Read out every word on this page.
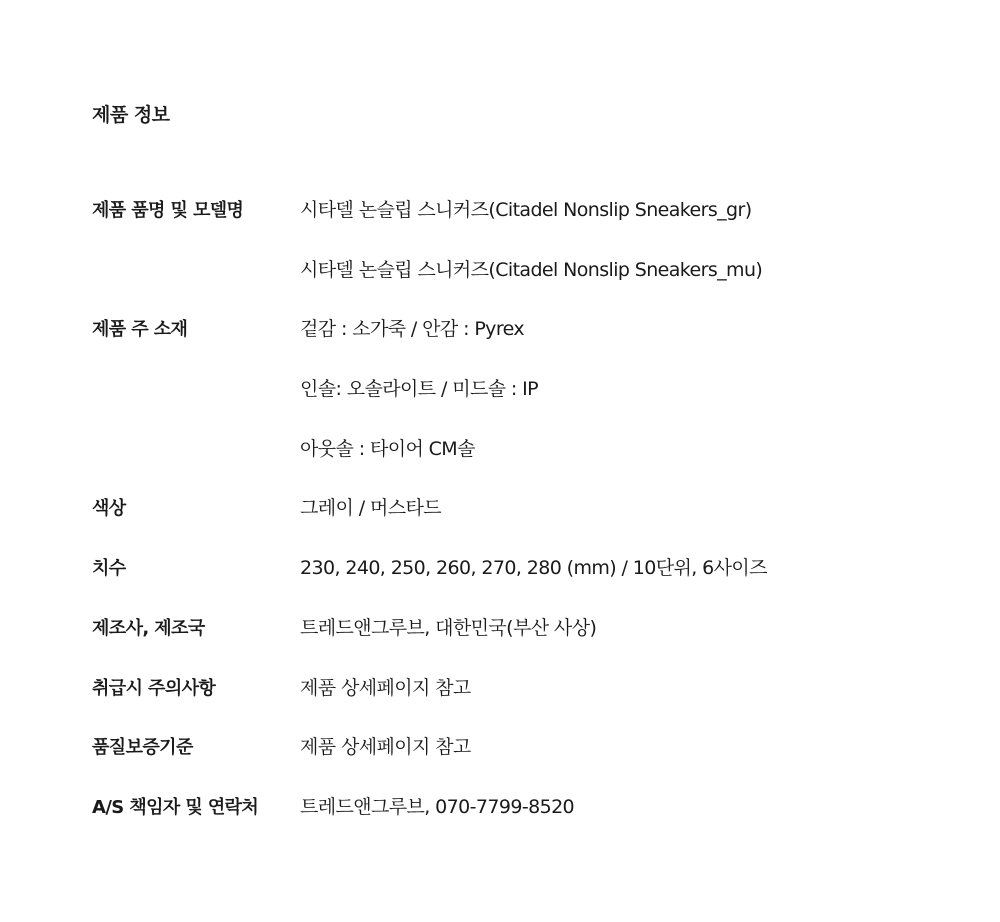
제품 정보
제품 품명 및 모델명	시타델 논슬립 스니커즈(Citadel Nonslip Sneakers_gr)
시타델 논슬립 스니커즈(Citadel Nonslip Sneakers_mu)
제품 주 소재	겉감 : 소가죽 / 안감 : Pyrex
인솔: 오솔라이트 / 미드솔 : IP
아웃솔 : 타이어 CM솔
색상	그레이 / 머스타드
치수	230, 240, 250, 260, 270, 280 (mm) / 10단위, 6사이즈
제조사, 제조국	트레드앤그루브, 대한민국(부산 사상)
취급시 주의사항	제품 상세페이지 참고
품질보증기준	제품 상세페이지 참고
A/S 책임자 및 연락처	트레드앤그루브, 070-7799-8520
